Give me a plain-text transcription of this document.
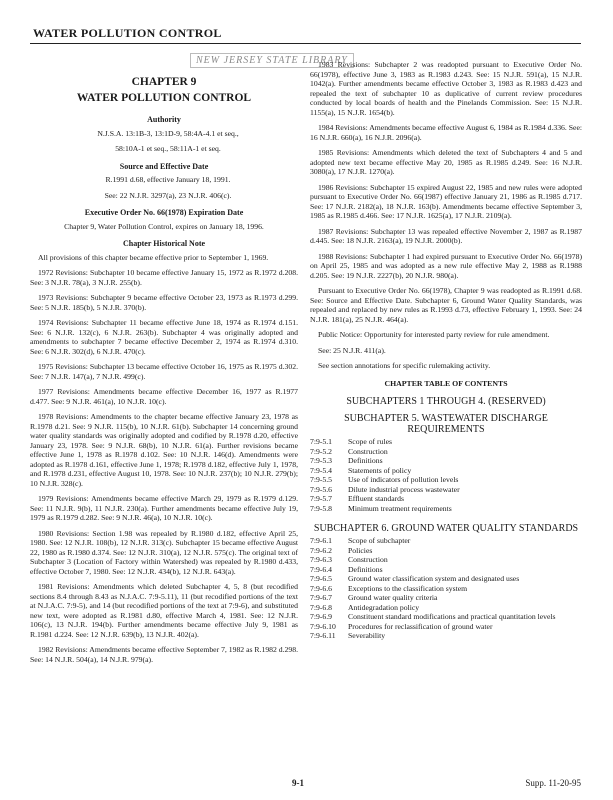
WATER POLLUTION CONTROL
NEW JERSEY STATE LIBRARY
CHAPTER 9
WATER POLLUTION CONTROL
Authority

N.J.S.A. 13:1B-3, 13:1D-9, 58:4A-4.1 et seq.,

58:10A-1 et seq., 58:11A-1 et seq.

Source and Effective Date

R.1991 d.68, effective January 18, 1991.

See: 22 N.J.R. 3297(a), 23 N.J.R. 406(c).

Executive Order No. 66(1978) Expiration Date

Chapter 9, Water Pollution Control, expires on January 18, 1996.

Chapter Historical Note

All provisions of this chapter became effective prior to September 1, 1969.

1972 Revisions: Subchapter 10 became effective January 15, 1972 as R.1972 d.208. See: 3 N.J.R. 78(a), 3 N.J.R. 255(b).

1973 Revisions: Subchapter 9 became effective October 23, 1973 as R.1973 d.299. See: 5 N.J.R. 185(b), 5 N.J.R. 370(b).

1974 Revisions: Subchapter 11 became effective June 18, 1974 as R.1974 d.151. See: 6 N.J.R. 132(c), 6 N.J.R. 263(b). Subchapter 4 was originally adopted and amendments to subchapter 7 became effective December 2, 1974 as R.1974 d.310. See: 6 N.J.R. 302(d), 6 N.J.R. 470(c).

1975 Revisions: Subchapter 13 became effective October 16, 1975 as R.1975 d.302. See: 7 N.J.R. 147(a), 7 N.J.R. 499(c).

1977 Revisions: Amendments became effective December 16, 1977 as R.1977 d.477. See: 9 N.J.R. 461(a), 10 N.J.R. 10(c).

1978 Revisions: Amendments to the chapter became effective January 23, 1978 as R.1978 d.21. See: 9 N.J.R. 115(b), 10 N.J.R. 61(b). Subchapter 14 concerning ground water quality standards was originally adopted and codified by R.1978 d.20, effective January 23, 1978. See: 9 N.J.R. 68(b), 10 N.J.R. 61(a). Further revisions became effective June 1, 1978 as R.1978 d.102. See: 10 N.J.R. 146(d). Amendments were adopted as R.1978 d.161, effective June 1, 1978; R.1978 d.182, effective July 1, 1978, and R.1978 d.231, effective August 10, 1978. See: 10 N.J.R. 237(b); 10 N.J.R. 279(b); 10 N.J.R. 328(c).

1979 Revisions: Amendments became effective March 29, 1979 as R.1979 d.129. See: 11 N.J.R. 9(b), 11 N.J.R. 230(a). Further amendments became effective July 19, 1979 as R.1979 d.282. See: 9 N.J.R. 46(a), 10 N.J.R. 10(c).

1980 Revisions: Section 1.98 was repealed by R.1980 d.182, effective April 25, 1980. See: 12 N.J.R. 108(b), 12 N.J.R. 313(c). Subchapter 15 became effective August 22, 1980 as R.1980 d.374. See: 12 N.J.R. 310(a), 12 N.J.R. 575(c). The original text of Subchapter 3 (Location of Factory within Watershed) was repealed by R.1980 d.433, effective October 7, 1980. See: 12 N.J.R. 434(b), 12 N.J.R. 643(a).

1981 Revisions: Amendments which deleted Subchapter 4, 5, 8 (but recodified sections 8.4 through 8.43 as N.J.A.C. 7:9-5.11), 11 (but recodified portions of the text at N.J.A.C. 7:9-5), and 14 (but recodified portions of the text at 7:9-6), and substituted new text, were adopted as R.1981 d.80, effective March 4, 1981. See: 12 N.J.R. 106(c), 13 N.J.R. 194(b). Further amendments became effective July 9, 1981 as R.1981 d.224. See: 12 N.J.R. 639(b), 13 N.J.R. 402(a).

1982 Revisions: Amendments became effective September 7, 1982 as R.1982 d.298. See: 14 N.J.R. 504(a), 14 N.J.R. 979(a).

1983 Revisions: Subchapter 2 was readopted pursuant to Executive Order No. 66(1978), effective June 3, 1983 as R.1983 d.243. See: 15 N.J.R. 591(a), 15 N.J.R. 1042(a). Further amendments became effective October 3, 1983 as R.1983 d.423 and repealed the text of subchapter 10 as duplicative of current review procedures conducted by local boards of health and the Pinelands Commission. See: 15 N.J.R. 1155(a), 15 N.J.R. 1654(b).

1984 Revisions: Amendments became effective August 6, 1984 as R.1984 d.336. See: 16 N.J.R. 660(a), 16 N.J.R. 2096(a).

1985 Revisions: Amendments which deleted the text of Subchapters 4 and 5 and adopted new text became effective May 20, 1985 as R.1985 d.249. See: 16 N.J.R. 3080(a), 17 N.J.R. 1270(a).

1986 Revisions: Subchapter 15 expired August 22, 1985 and new rules were adopted pursuant to Executive Order No. 66(1987) effective January 21, 1986 as R.1985 d.717. See: 17 N.J.R. 2182(a), 18 N.J.R. 163(b). Amendments became effective September 3, 1985 as R.1985 d.466. See: 17 N.J.R. 1625(a), 17 N.J.R. 2109(a).

1987 Revisions: Subchapter 13 was repealed effective November 2, 1987 as R.1987 d.445. See: 18 N.J.R. 2163(a), 19 N.J.R. 2000(b).

1988 Revisions: Subchapter 1 had expired pursuant to Executive Order No. 66(1978) on April 25, 1985 and was adopted as a new rule effective May 2, 1988 as R.1988 d.205. See: 19 N.J.R. 2227(b), 20 N.J.R. 980(a).

Pursuant to Executive Order No. 66(1978), Chapter 9 was readopted as R.1991 d.68. See: Source and Effective Date. Subchapter 6, Ground Water Quality Standards, was repealed and replaced by new rules as R.1993 d.73, effective February 1, 1993. See: 24 N.J.R. 181(a), 25 N.J.R. 464(a).

Public Notice: Opportunity for interested party review for rule amendment.

See: 25 N.J.R. 411(a).

See section annotations for specific rulemaking activity.

CHAPTER TABLE OF CONTENTS
SUBCHAPTERS 1 THROUGH 4. (RESERVED)
SUBCHAPTER 5. WASTEWATER DISCHARGE REQUIREMENTS
7:9-5.1	Scope of rules
7:9-5.2	Construction
7:9-5.3	Definitions
7:9-5.4	Statements of policy
7:9-5.5	Use of indicators of pollution levels
7:9-5.6	Dilute industrial process wastewater
7:9-5.7	Effluent standards
7:9-5.8	Minimum treatment requirements
SUBCHAPTER 6. GROUND WATER QUALITY STANDARDS
7:9-6.1	Scope of subchapter
7:9-6.2	Policies
7:9-6.3	Construction
7:9-6.4	Definitions
7:9-6.5	Ground water classification system and designated uses
7:9-6.6	Exceptions to the classification system
7:9-6.7	Ground water quality criteria
7:9-6.8	Antidegradation policy
7:9-6.9	Constituent standard modifications and practical quantitation levels
7:9-6.10	Procedures for reclassification of ground water
7:9-6.11	Severability
9-1	Supp. 11-20-95
